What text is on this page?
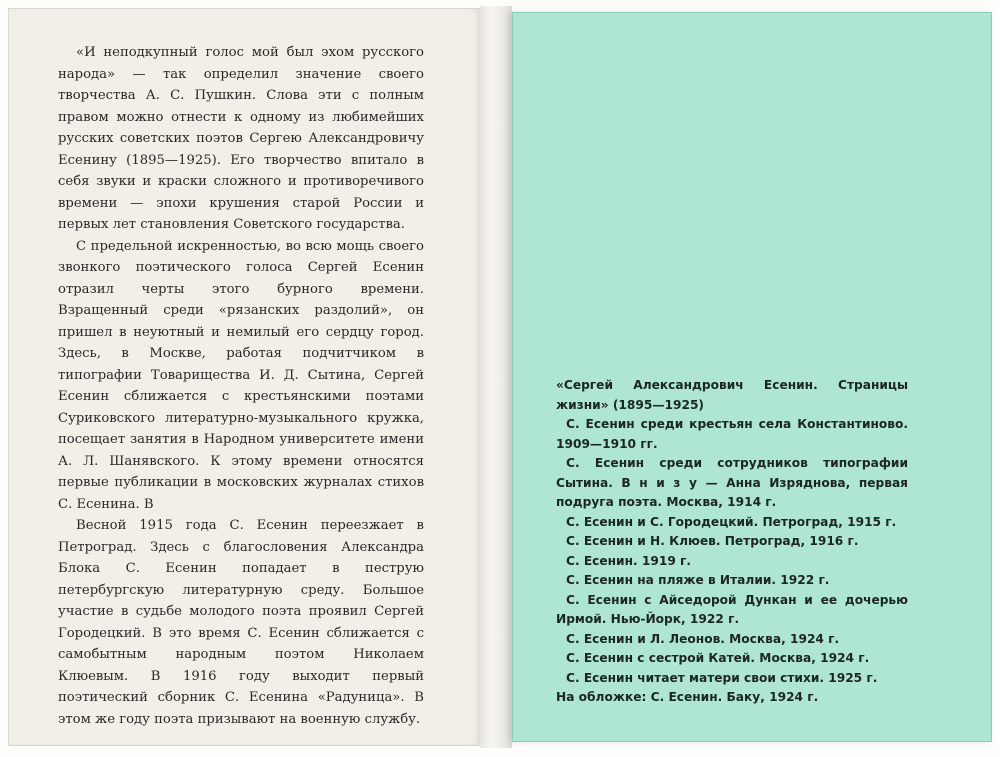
«И неподкупный голос мой был эхом русского народа» — так определил значение своего творчества А. С. Пушкин. Слова эти с полным правом можно отнести к одному из любимейших русских советских поэтов Сергею Александровичу Есенину (1895—1925). Его творчество впитало в себя звуки и краски сложного и противоречивого времени — эпохи крушения старой России и первых лет становления Советского государства.

С предельной искренностью, во всю мощь своего звонкого поэтического голоса Сергей Есенин отразил черты этого бурного времени. Взращенный среди «рязанских раздолий», он пришел в неуютный и немилый его сердцу город. Здесь, в Москве, работая подчитчиком в типографии Товарищества И. Д. Сытина, Сергей Есенин сближается с крестьянскими поэтами Суриковского литературно-музыкального кружка, посещает занятия в Народном университете имени А. Л. Шанявского. К этому времени относятся первые публикации в московских журналах стихов С. Есенина. В

Весной 1915 года С. Есенин переезжает в Петроград. Здесь с благословения Александра Блока С. Есенин попадает в пеструю петербургскую литературную среду. Большое участие в судьбе молодого поэта проявил Сергей Городецкий. В это время С. Есенин сближается с самобытным народным поэтом Николаем Клюевым. В 1916 году выходит первый поэтический сборник С. Есенина «Радуница». В этом же году поэта призывают на военную службу.

«Сергей Александрович Есенин. Страницы жизни» (1895—1925)

С. Есенин среди крестьян села Константиново. 1909—1910 гг.

С. Есенин среди сотрудников типографии Сытина. В н и з у — Анна Изряднова, первая подруга поэта. Москва, 1914 г.

С. Есенин и С. Городецкий. Петроград, 1915 г.

С. Есенин и Н. Клюев. Петроград, 1916 г.

С. Есенин. 1919 г.

С. Есенин на пляже в Италии. 1922 г.

С. Есенин с Айседорой Дункан и ее дочерью Ирмой. Нью-Йорк, 1922 г.

С. Есенин и Л. Леонов. Москва, 1924 г.

С. Есенин с сестрой Катей. Москва, 1924 г.

С. Есенин читает матери свои стихи. 1925 г.

На обложке: С. Есенин. Баку, 1924 г.
